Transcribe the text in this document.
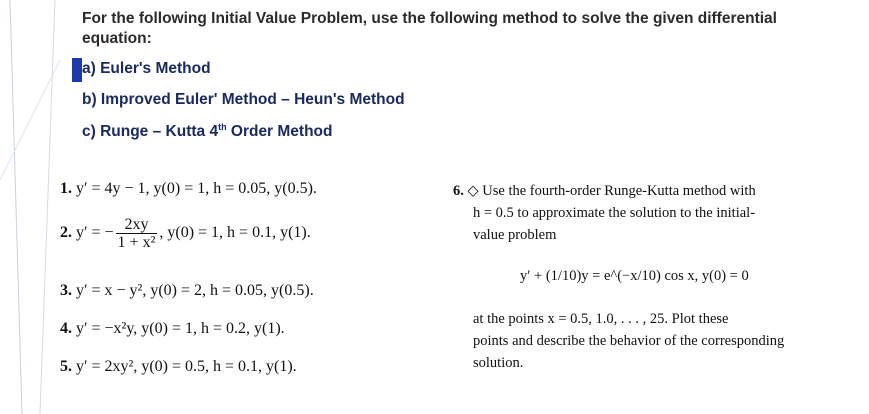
For the following Initial Value Problem, use the following method to solve the given differential equation:
a) Euler's Method
b) Improved Euler' Method – Heun's Method
c) Runge – Kutta 4th Order Method
1. y′ = 4y − 1, y(0) = 1, h = 0.05, y(0.5).
2. y′ = − $\frac{2xy}{\text{1 + x²}}$ , y(0) = 1, h = 0.1, y(1).
3. y′ = x − y², y(0) = 2, h = 0.05, y(0.5).
4. y′ = −x²y, y(0) = 1, h = 0.2, y(1).
5. y′ = 2xy², y(0) = 0.5, h = 0.1, y(1).
6. ◇ Use the fourth-order Runge-Kutta method with
h = 0.5 to approximate the solution to the initial-
value problem
y′ + (1/10)y = e^(−x/10) cos x, y(0) = 0
at the points x = 0.5, 1.0, . . . , 25. Plot these
points and describe the behavior of the corresponding
solution.
